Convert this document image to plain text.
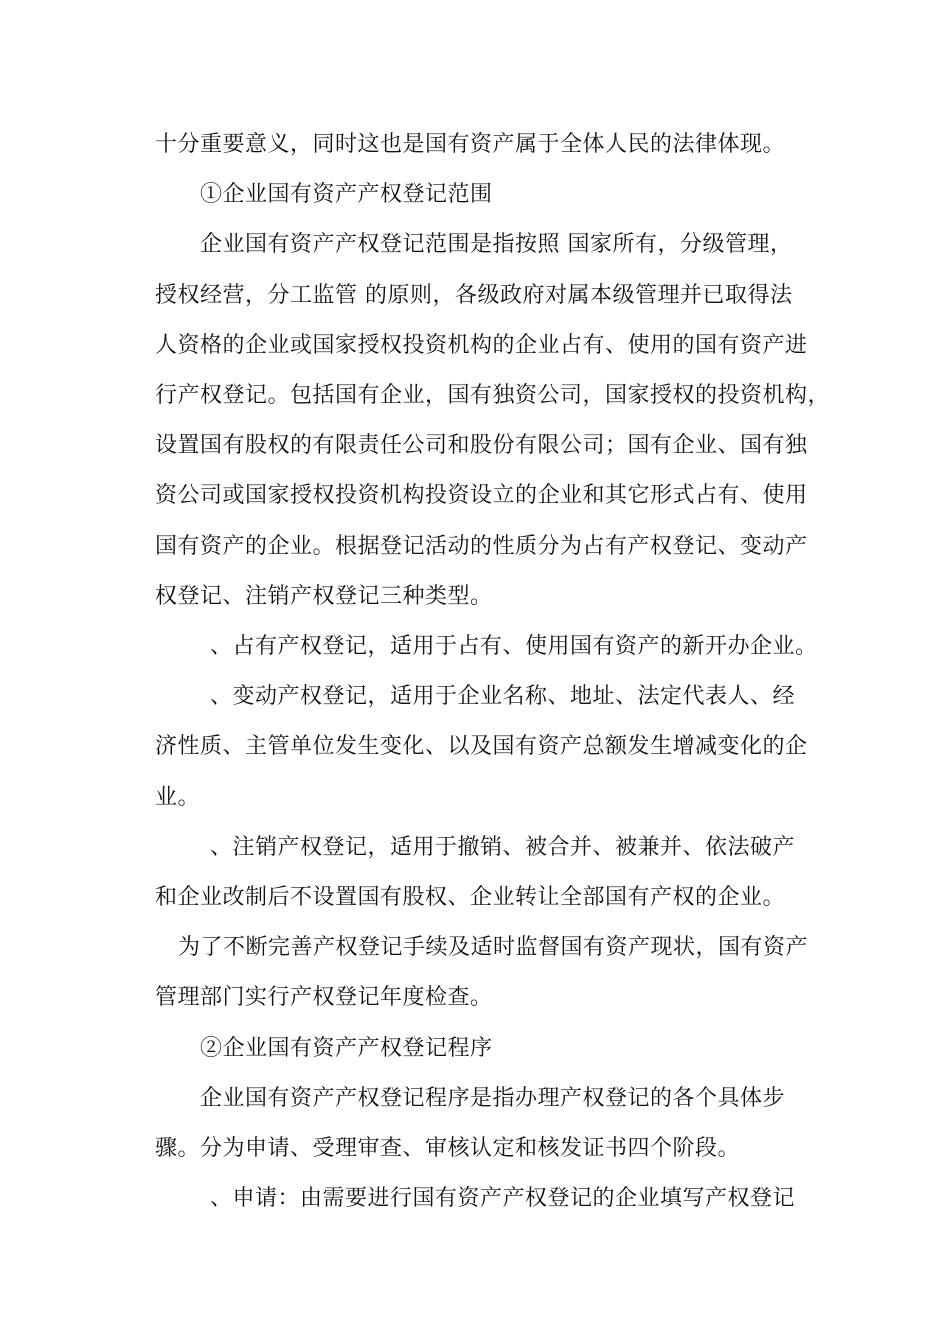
十分重要意义，同时这也是国有资产属于全体人民的法律体现。
①企业国有资产产权登记范围
企业国有资产产权登记范围是指按照 国家所有，分级管理，
授权经营，分工监管 的原则，各级政府对属本级管理并已取得法
人资格的企业或国家授权投资机构的企业占有、使用的国有资产进
行产权登记。包括国有企业，国有独资公司，国家授权的投资机构，
设置国有股权的有限责任公司和股份有限公司；国有企业、国有独
资公司或国家授权投资机构投资设立的企业和其它形式占有、使用
国有资产的企业。根据登记活动的性质分为占有产权登记、变动产
权登记、注销产权登记三种类型。
、占有产权登记，适用于占有、使用国有资产的新开办企业。
、变动产权登记，适用于企业名称、地址、法定代表人、经
济性质、主管单位发生变化、以及国有资产总额发生增减变化的企
业。
、注销产权登记，适用于撤销、被合并、被兼并、依法破产
和企业改制后不设置国有股权、企业转让全部国有产权的企业。
为了不断完善产权登记手续及适时监督国有资产现状，国有资产
管理部门实行产权登记年度检查。
②企业国有资产产权登记程序
企业国有资产产权登记程序是指办理产权登记的各个具体步
骤。分为申请、受理审查、审核认定和核发证书四个阶段。
、申请：由需要进行国有资产产权登记的企业填写产权登记
